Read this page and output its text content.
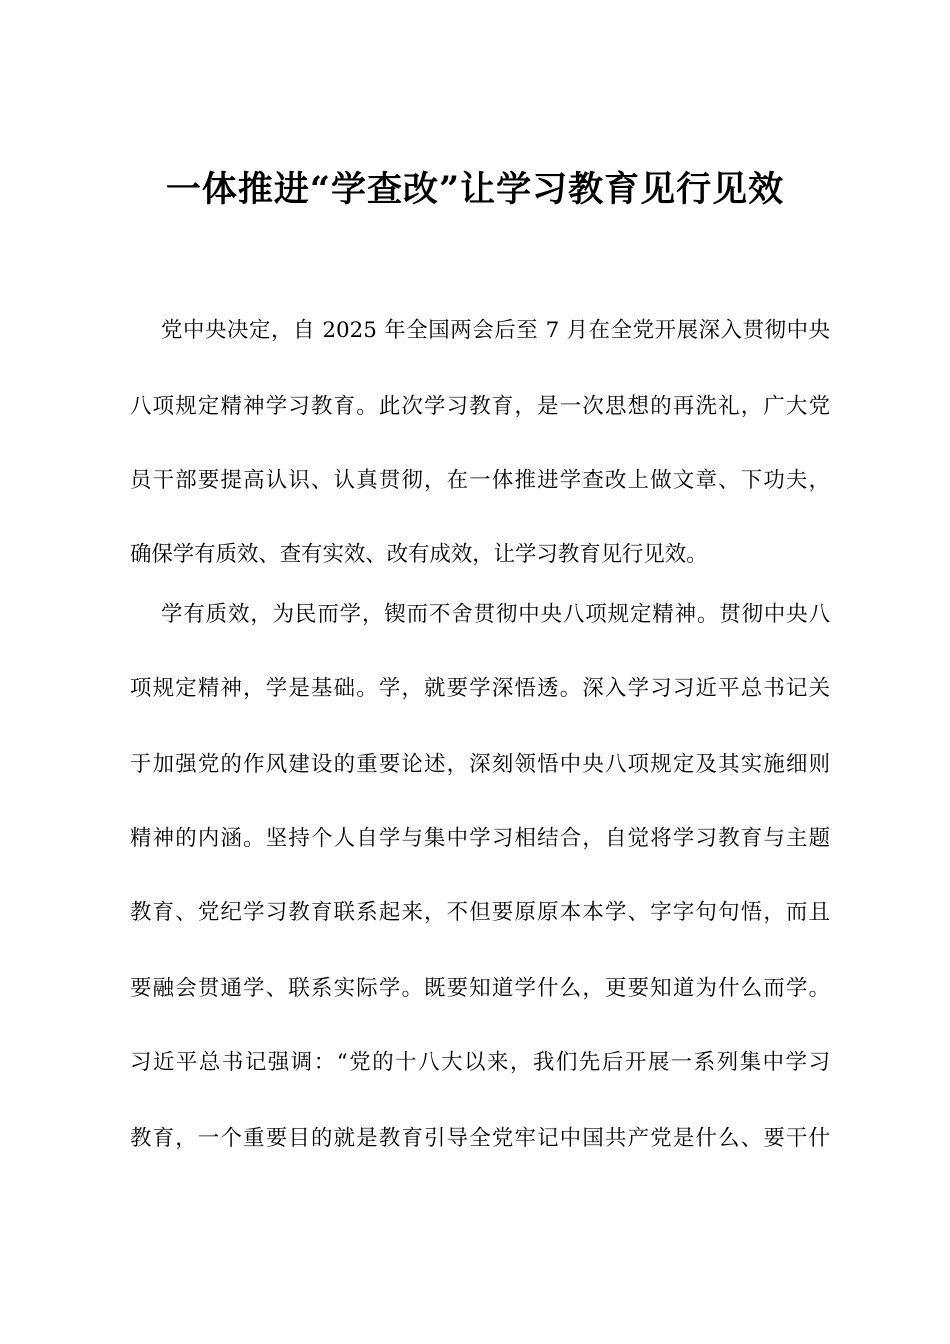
一体推进“学查改”让学习教育见行见效
党中央决定，自 2025 年全国两会后至 7 月在全党开展深入贯彻中央
八项规定精神学习教育。此次学习教育，是一次思想的再洗礼，广大党
员干部要提高认识、认真贯彻，在一体推进学查改上做文章、下功夫，
确保学有质效、查有实效、改有成效，让学习教育见行见效。
学有质效，为民而学，锲而不舍贯彻中央八项规定精神。贯彻中央八
项规定精神，学是基础。学，就要学深悟透。深入学习习近平总书记关
于加强党的作风建设的重要论述，深刻领悟中央八项规定及其实施细则
精神的内涵。坚持个人自学与集中学习相结合，自觉将学习教育与主题
教育、党纪学习教育联系起来，不但要原原本本学、字字句句悟，而且
要融会贯通学、联系实际学。既要知道学什么，更要知道为什么而学。
习近平总书记强调：“党的十八大以来，我们先后开展一系列集中学习
教育，一个重要目的就是教育引导全党牢记中国共产党是什么、要干什
